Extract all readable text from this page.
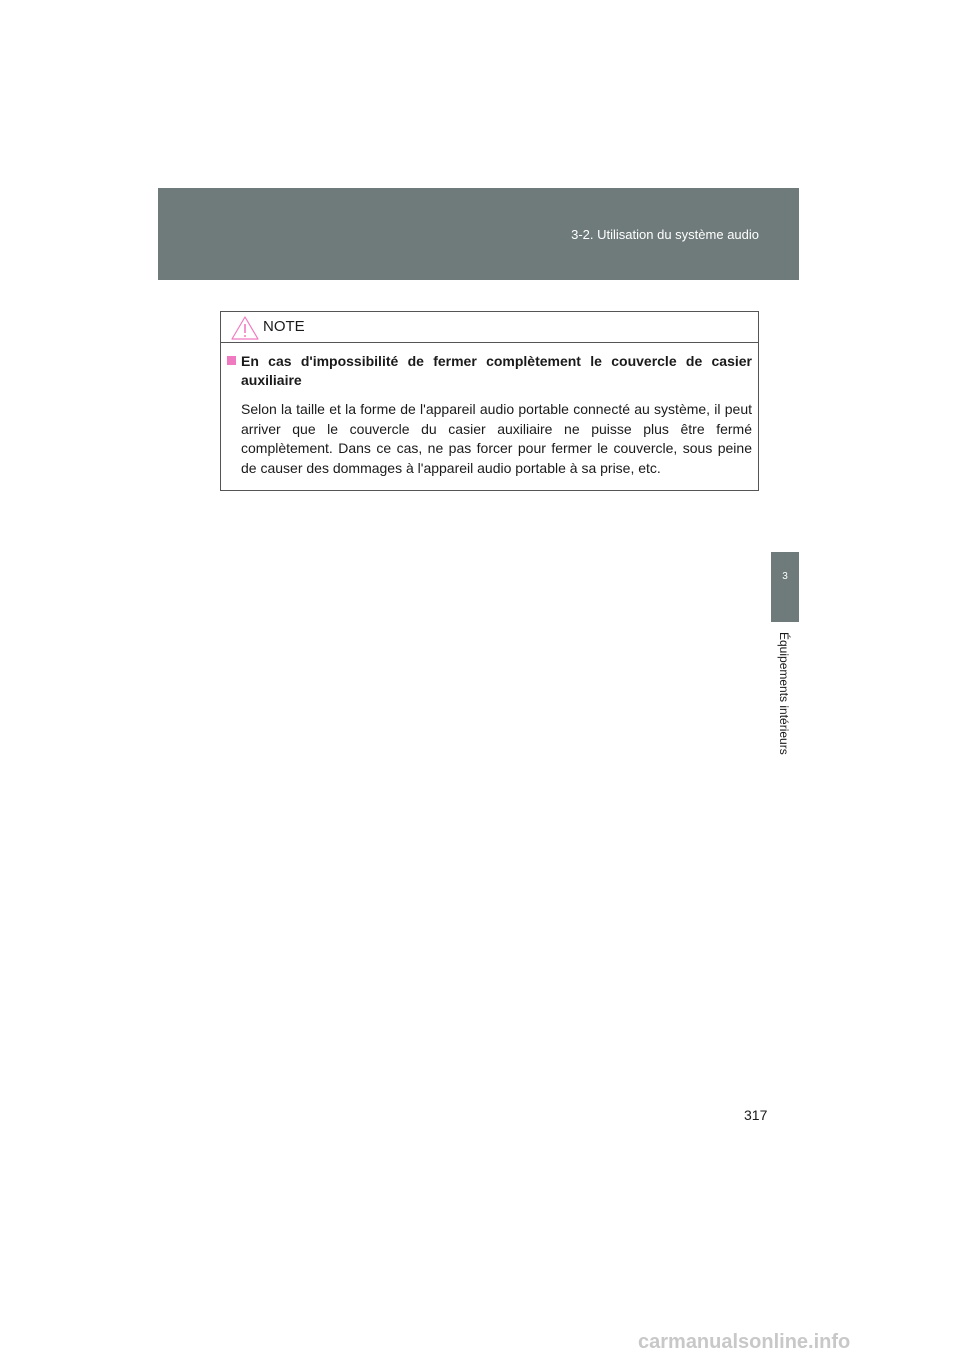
3-2. Utilisation du système audio
3
Équipements intérieurs
NOTE

En cas d'impossibilité de fermer complètement le couvercle de casier auxiliaire

Selon la taille et la forme de l'appareil audio portable connecté au système, il peut arriver que le couvercle du casier auxiliaire ne puisse plus être fermé complètement. Dans ce cas, ne pas forcer pour fermer le couvercle, sous peine de causer des dommages à l'appareil audio portable à sa prise, etc.

317
carmanualsonline.info
